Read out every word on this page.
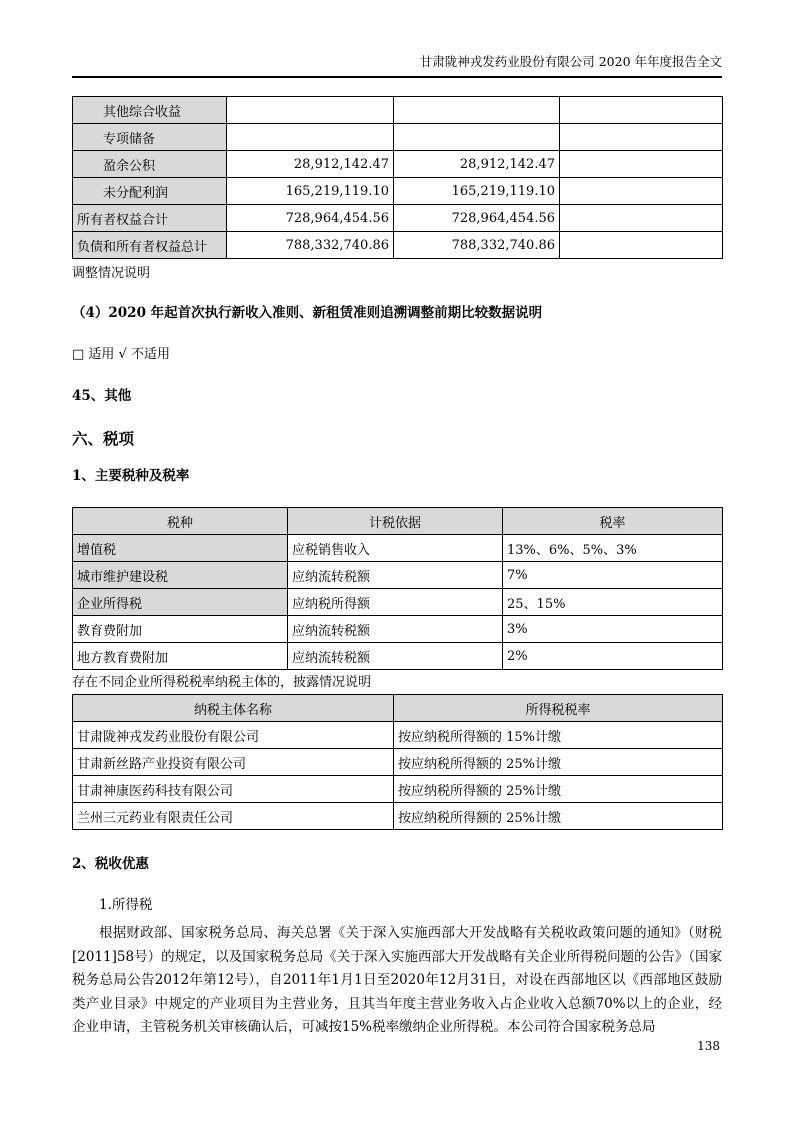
甘肃陇神戎发药业股份有限公司 2020 年年度报告全文
其他综合收益			
专项储备			
盈余公积	28,912,142.47	28,912,142.47	
未分配利润	165,219,119.10	165,219,119.10	
所有者权益合计	728,964,454.56	728,964,454.56	
负债和所有者权益总计	788,332,740.86	788,332,740.86	
调整情况说明
（4）2020 年起首次执行新收入准则、新租赁准则追溯调整前期比较数据说明
□ 适用 √ 不适用
45、其他
六、税项
1、主要税种及税率
税种	计税依据	税率
增值税	应税销售收入	13%、6%、5%、3%
城市维护建设税	应纳流转税额	7%
企业所得税	应纳税所得额	25、15%
教育费附加	应纳流转税额	3%
地方教育费附加	应纳流转税额	2%
存在不同企业所得税税率纳税主体的，披露情况说明
纳税主体名称	所得税税率
甘肃陇神戎发药业股份有限公司	按应纳税所得额的 15%计缴
甘肃新丝路产业投资有限公司	按应纳税所得额的 25%计缴
甘肃神康医药科技有限公司	按应纳税所得额的 25%计缴
兰州三元药业有限责任公司	按应纳税所得额的 25%计缴
2、税收优惠
1.所得税
根据财政部、国家税务总局、海关总署《关于深入实施西部大开发战略有关税收政策问题的通知》（财税[2011]58号）的规定，以及国家税务总局《关于深入实施西部大开发战略有关企业所得税问题的公告》（国家税务总局公告2012年第12号），自2011年1月1日至2020年12月31日，对设在西部地区以《西部地区鼓励类产业目录》中规定的产业项目为主营业务，且其当年度主营业务收入占企业收入总额70%以上的企业，经企业申请，主管税务机关审核确认后，可减按15%税率缴纳企业所得税。本公司符合国家税务总局
138
